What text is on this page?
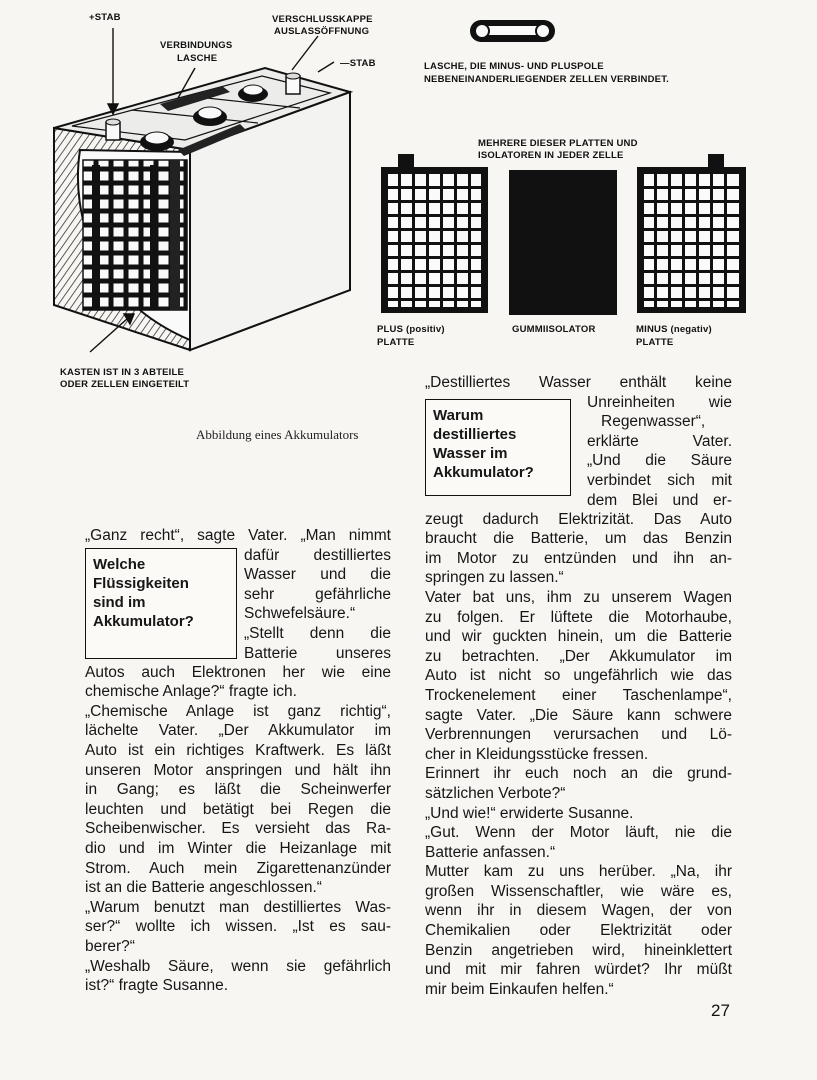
+STAB	VERSCHLUSSKAPPE
AUSLASSÖFFNUNG
VERBINDUNGS
LASCHE	—STAB	LASCHE, DIE MINUS- UND PLUSPOLE
NEBENEINANDERLIEGENDER ZELLEN VERBINDET.
MEHRERE DIESER PLATTEN UND
ISOLATOREN IN JEDER ZELLE
PLUS (positiv)
PLATTE
GUMMIISOLATOR	MINUS (negativ)
PLATTE
KASTEN IST IN 3 ABTEILE
ODER ZELLEN EINGETEILT
Abbildung eines Akkumulators

„Ganz recht“, sagte Vater. „Man nimmt

Welche
Flüssigkeiten
sind im
Akkumulator?

dafür destilliertes

Wasser und die

sehr gefährliche

Schwefelsäure.“

„Stellt denn die

Batterie unseres

Autos auch Elektronen her wie eine

chemische Anlage?“ fragte ich.

„Chemische Anlage ist ganz richtig“,

lächelte Vater. „Der Akkumulator im

Auto ist ein richtiges Kraftwerk. Es läßt

unseren Motor anspringen und hält ihn

in Gang; es läßt die Scheinwerfer

leuchten und betätigt bei Regen die

Scheibenwischer. Es versieht das Ra-

dio und im Winter die Heizanlage mit

Strom. Auch mein Zigarettenanzünder

ist an die Batterie angeschlossen.“

„Warum benutzt man destilliertes Was-

ser?“ wollte ich wissen. „Ist es sau-

berer?“

„Weshalb Säure, wenn sie gefährlich

ist?“ fragte Susanne.

„Destilliertes Wasser enthält keine

Warum
destilliertes
Wasser im
Akkumulator?

Unreinheiten wie

Regenwasser“,

erklärte Vater.

„Und die Säure

verbindet sich mit

dem Blei und er-

zeugt dadurch Elektrizität. Das Auto

braucht die Batterie, um das Benzin

im Motor zu entzünden und ihn an-

springen zu lassen.“

Vater bat uns, ihm zu unserem Wagen

zu folgen. Er lüftete die Motorhaube,

und wir guckten hinein, um die Batterie

zu betrachten. „Der Akkumulator im

Auto ist nicht so ungefährlich wie das

Trockenelement einer Taschenlampe“,

sagte Vater. „Die Säure kann schwere

Verbrennungen verursachen und Lö-

cher in Kleidungsstücke fressen.

Erinnert ihr euch noch an die grund-

sätzlichen Verbote?“

„Und wie!“ erwiderte Susanne.

„Gut. Wenn der Motor läuft, nie die

Batterie anfassen.“

Mutter kam zu uns herüber. „Na, ihr

großen Wissenschaftler, wie wäre es,

wenn ihr in diesem Wagen, der von

Chemikalien oder Elektrizität oder

Benzin angetrieben wird, hineinklettert

und mit mir fahren würdet? Ihr müßt

mir beim Einkaufen helfen.“

27
